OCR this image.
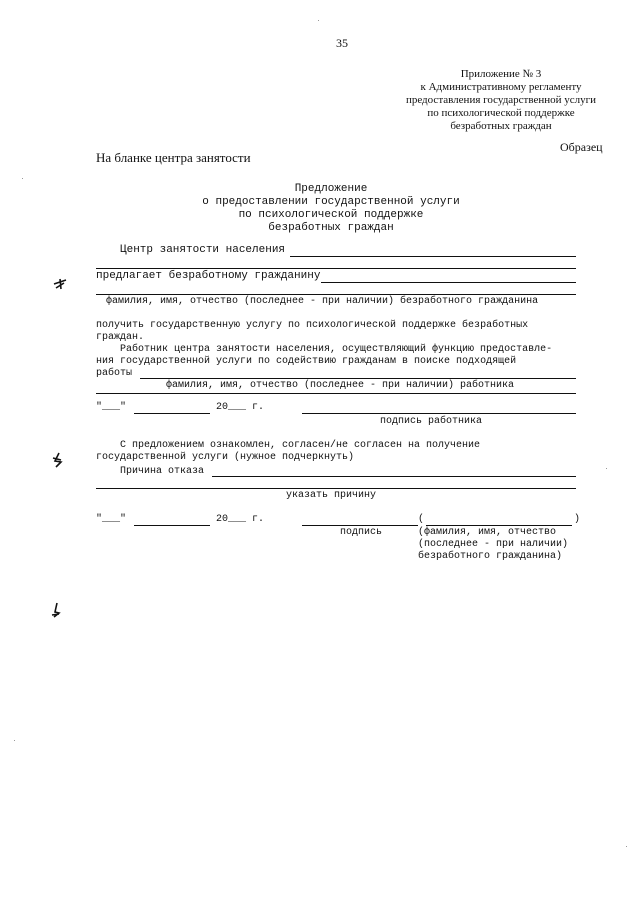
35
Приложение № 3
к Административному регламенту
предоставления государственной услуги
по психологической поддержке
безработных граждан
Образец
На бланке центра занятости
Предложение
о предоставлении государственной услуги
по психологической поддержке
безработных граждан
Центр занятости населения
предлагает безработному гражданину
фамилия, имя, отчество (последнее - при наличии) безработного гражданина
получить государственную услугу по психологической поддержке безработных
граждан.
Работник центра занятости населения, осуществляющий функцию предоставле-
ния государственной услуги по содействию гражданам в поиске подходящей
работы
фамилия, имя, отчество (последнее - при наличии) работника
"___"	20___ г.
подпись работника
С предложением ознакомлен, согласен/не согласен на получение
государственной услуги (нужное подчеркнуть)
Причина отказа
указать причину
"___"	20___ г.
подпись
(	)
(фамилия, имя, отчество
(последнее - при наличии)
безработного гражданина)
